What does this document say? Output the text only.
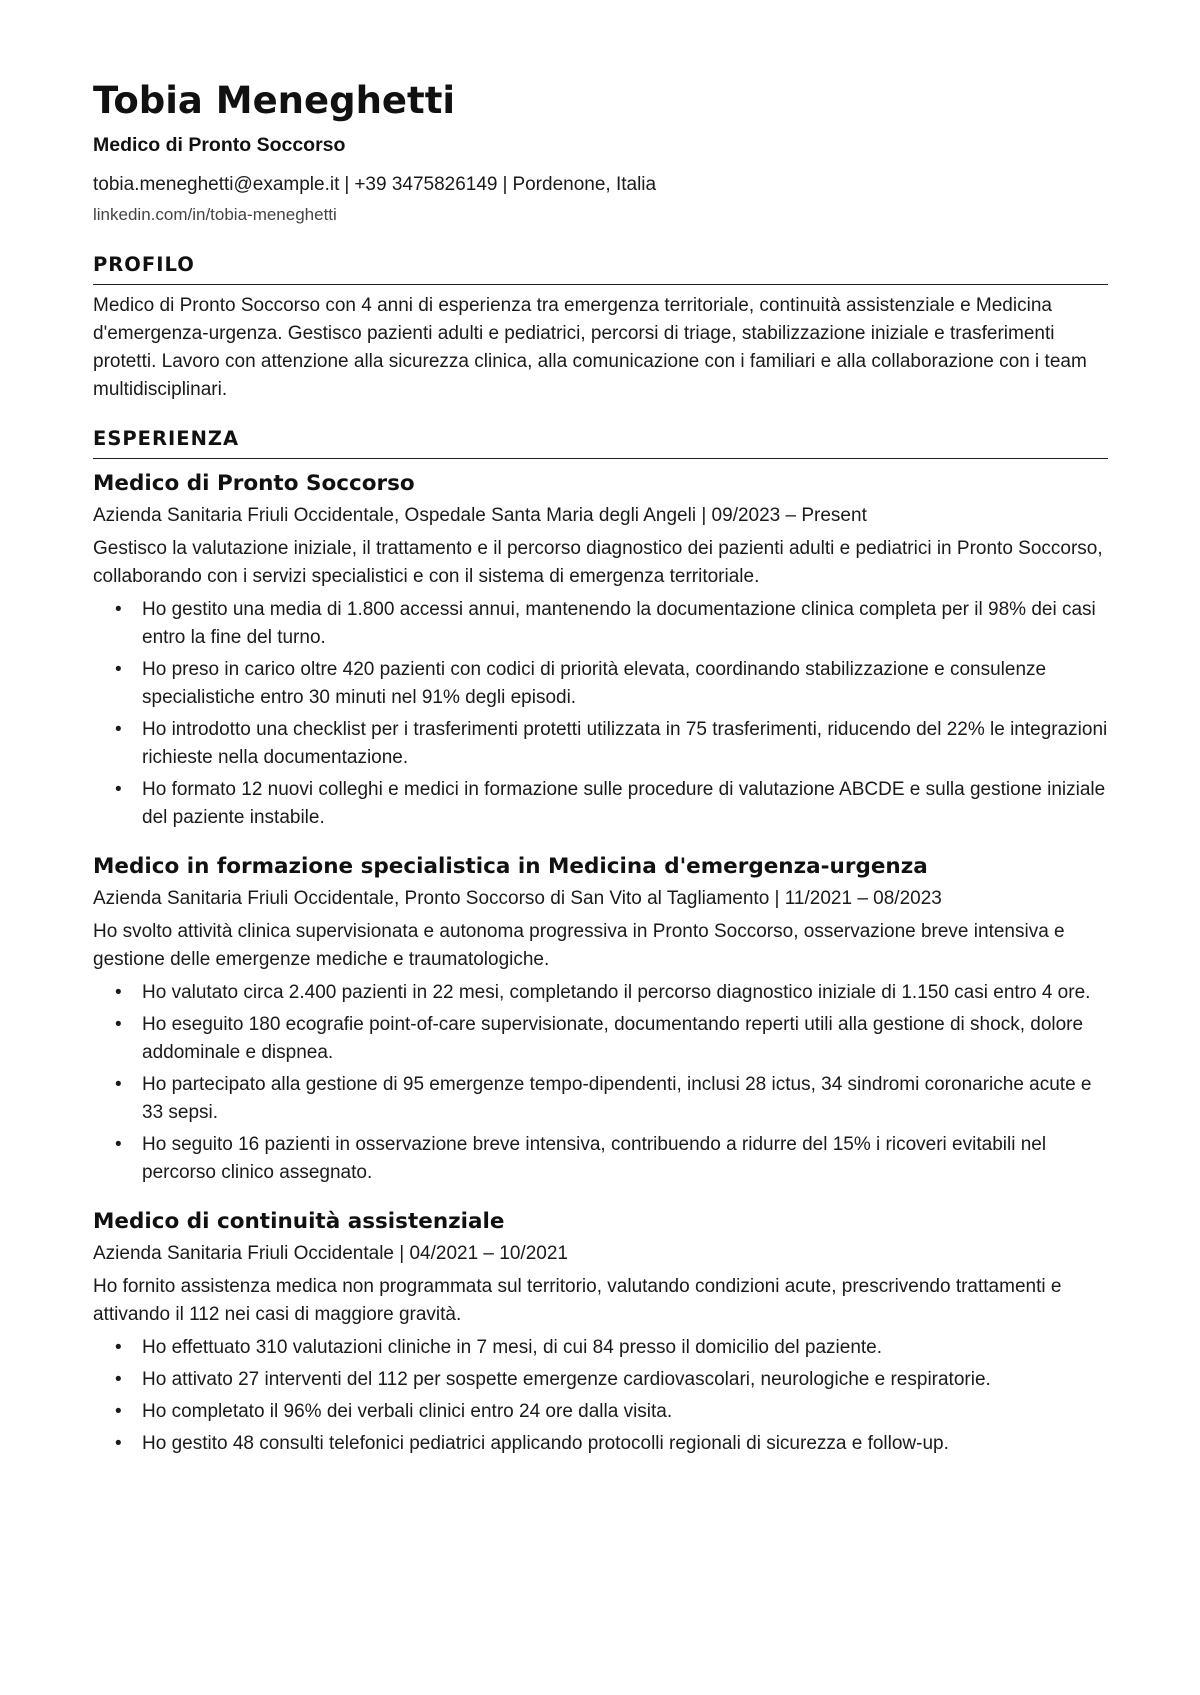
Tobia Meneghetti

Medico di Pronto Soccorso

tobia.meneghetti@example.it | +39 3475826149 | Pordenone, Italia

linkedin.com/in/tobia-meneghetti

PROFILO

Medico di Pronto Soccorso con 4 anni di esperienza tra emergenza territoriale, continuità assistenziale e Medicina d'emergenza-urgenza. Gestisco pazienti adulti e pediatrici, percorsi di triage, stabilizzazione iniziale e trasferimenti protetti. Lavoro con attenzione alla sicurezza clinica, alla comunicazione con i familiari e alla collaborazione con i team multidisciplinari.

ESPERIENZA
Medico di Pronto Soccorso

Azienda Sanitaria Friuli Occidentale, Ospedale Santa Maria degli Angeli | 09/2023 – Present

Gestisco la valutazione iniziale, il trattamento e il percorso diagnostico dei pazienti adulti e pediatrici in Pronto Soccorso, collaborando con i servizi specialistici e con il sistema di emergenza territoriale.

• Ho gestito una media di 1.800 accessi annui, mantenendo la documentazione clinica completa per il 98% dei casi entro la fine del turno.
• Ho preso in carico oltre 420 pazienti con codici di priorità elevata, coordinando stabilizzazione e consulenze specialistiche entro 30 minuti nel 91% degli episodi.
• Ho introdotto una checklist per i trasferimenti protetti utilizzata in 75 trasferimenti, riducendo del 22% le integrazioni richieste nella documentazione.
• Ho formato 12 nuovi colleghi e medici in formazione sulle procedure di valutazione ABCDE e sulla gestione iniziale del paziente instabile.
Medico in formazione specialistica in Medicina d'emergenza-urgenza

Azienda Sanitaria Friuli Occidentale, Pronto Soccorso di San Vito al Tagliamento | 11/2021 – 08/2023

Ho svolto attività clinica supervisionata e autonoma progressiva in Pronto Soccorso, osservazione breve intensiva e gestione delle emergenze mediche e traumatologiche.

• Ho valutato circa 2.400 pazienti in 22 mesi, completando il percorso diagnostico iniziale di 1.150 casi entro 4 ore.
• Ho eseguito 180 ecografie point-of-care supervisionate, documentando reperti utili alla gestione di shock, dolore addominale e dispnea.
• Ho partecipato alla gestione di 95 emergenze tempo-dipendenti, inclusi 28 ictus, 34 sindromi coronariche acute e 33 sepsi.
• Ho seguito 16 pazienti in osservazione breve intensiva, contribuendo a ridurre del 15% i ricoveri evitabili nel percorso clinico assegnato.
Medico di continuità assistenziale

Azienda Sanitaria Friuli Occidentale | 04/2021 – 10/2021

Ho fornito assistenza medica non programmata sul territorio, valutando condizioni acute, prescrivendo trattamenti e attivando il 112 nei casi di maggiore gravità.

• Ho effettuato 310 valutazioni cliniche in 7 mesi, di cui 84 presso il domicilio del paziente.
• Ho attivato 27 interventi del 112 per sospette emergenze cardiovascolari, neurologiche e respiratorie.
• Ho completato il 96% dei verbali clinici entro 24 ore dalla visita.
• Ho gestito 48 consulti telefonici pediatrici applicando protocolli regionali di sicurezza e follow-up.
